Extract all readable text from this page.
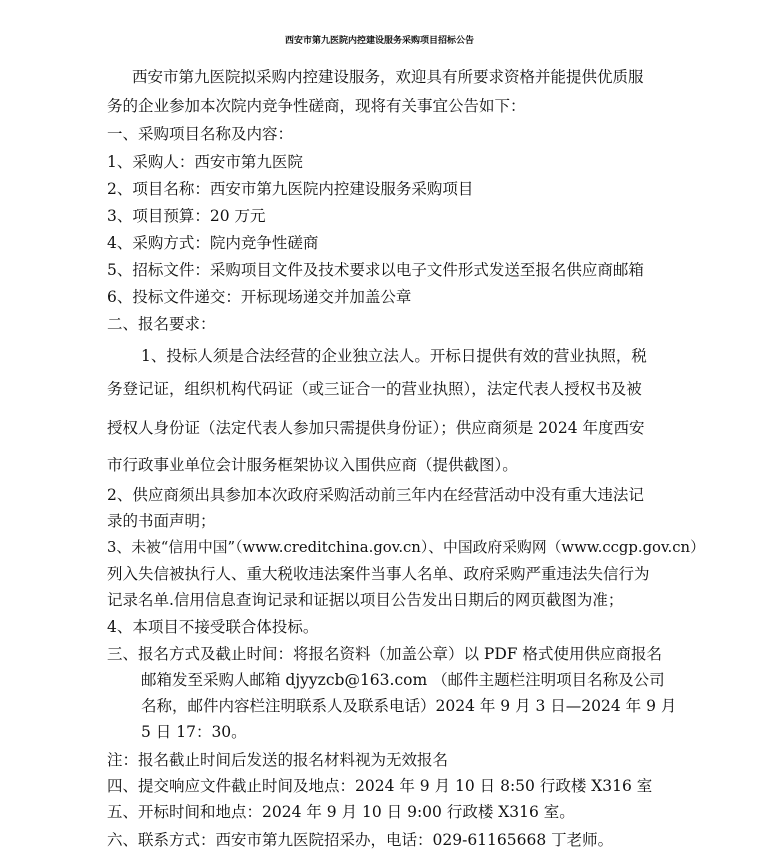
西安市第九医院内控建设服务采购项目招标公告
西安市第九医院拟采购内控建设服务，欢迎具有所要求资格并能提供优质服
务的企业参加本次院内竞争性磋商，现将有关事宜公告如下：
一、采购项目名称及内容：
1、采购人：西安市第九医院
2、项目名称：西安市第九医院内控建设服务采购项目
3、项目预算：20 万元
4、采购方式：院内竞争性磋商
5、招标文件：采购项目文件及技术要求以电子文件形式发送至报名供应商邮箱
6、投标文件递交：开标现场递交并加盖公章
二、报名要求：
1、投标人须是合法经营的企业独立法人。开标日提供有效的营业执照，税
务登记证，组织机构代码证（或三证合一的营业执照），法定代表人授权书及被
授权人身份证（法定代表人参加只需提供身份证）；供应商须是 2024 年度西安
市行政事业单位会计服务框架协议入围供应商（提供截图）。
2、供应商须出具参加本次政府采购活动前三年内在经营活动中没有重大违法记
录的书面声明；
3、未被“信用中国”（www.creditchina.gov.cn）、中国政府采购网（www.ccgp.gov.cn）
列入失信被执行人、重大税收违法案件当事人名单、政府采购严重违法失信行为
记录名单.信用信息查询记录和证据以项目公告发出日期后的网页截图为准；
4、本项目不接受联合体投标。
三、报名方式及截止时间：将报名资料（加盖公章）以 PDF 格式使用供应商报名
邮箱发至采购人邮箱 djyyzcb@163.com （邮件主题栏注明项目名称及公司
名称，邮件内容栏注明联系人及联系电话）2024 年 9 月 3 日—2024 年 9 月
5 日 17：30。
注：报名截止时间后发送的报名材料视为无效报名
四、提交响应文件截止时间及地点：2024 年 9 月 10 日 8:50 行政楼 X316 室
五、开标时间和地点：2024 年 9 月 10 日 9:00 行政楼 X316 室。
六、联系方式：西安市第九医院招采办，电话：029-61165668 丁老师。
